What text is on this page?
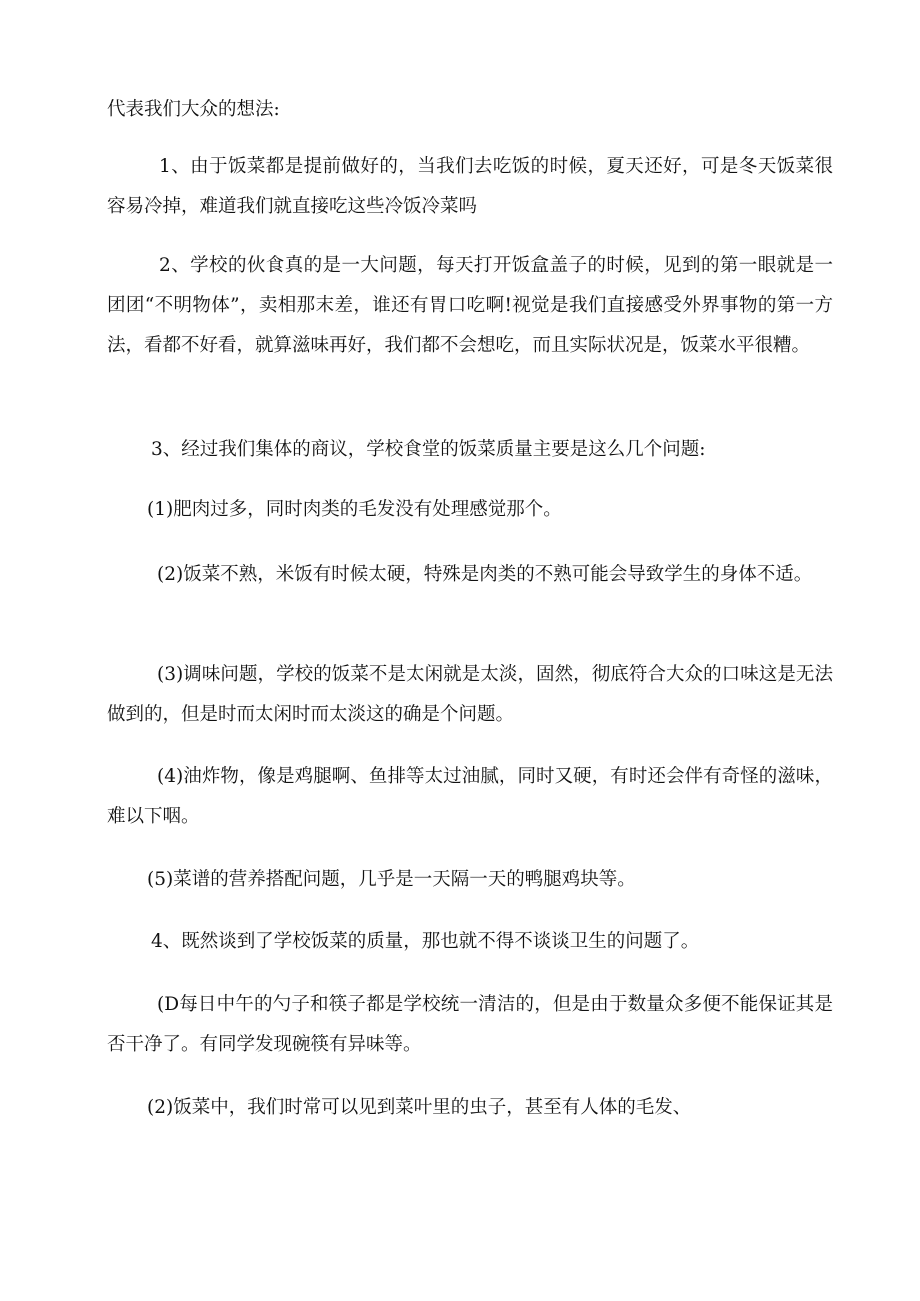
代表我们大众的想法:

1、由于饭菜都是提前做好的，当我们去吃饭的时候，夏天还好，可是冬天饭菜很容易冷掉，难道我们就直接吃这些冷饭冷菜吗

2、学校的伙食真的是一大问题，每天打开饭盒盖子的时候，见到的第一眼就是一团团“不明物体”，卖相那末差，谁还有胃口吃啊!视觉是我们直接感受外界事物的第一方法，看都不好看，就算滋味再好，我们都不会想吃，而且实际状况是，饭菜水平很糟。

3、经过我们集体的商议，学校食堂的饭菜质量主要是这么几个问题:

(1)肥肉过多，同时肉类的毛发没有处理感觉那个。

(2)饭菜不熟，米饭有时候太硬，特殊是肉类的不熟可能会导致学生的身体不适。

(3)调味问题，学校的饭菜不是太闲就是太淡，固然，彻底符合大众的口味这是无法做到的，但是时而太闲时而太淡这的确是个问题。

(4)油炸物，像是鸡腿啊、鱼排等太过油腻，同时又硬，有时还会伴有奇怪的滋味，难以下咽。

(5)菜谱的营养搭配问题，几乎是一天隔一天的鸭腿鸡块等。

4、既然谈到了学校饭菜的质量，那也就不得不谈谈卫生的问题了。

(D每日中午的勺子和筷子都是学校统一清洁的，但是由于数量众多便不能保证其是否干净了。有同学发现碗筷有异味等。

(2)饭菜中，我们时常可以见到菜叶里的虫子，甚至有人体的毛发、
